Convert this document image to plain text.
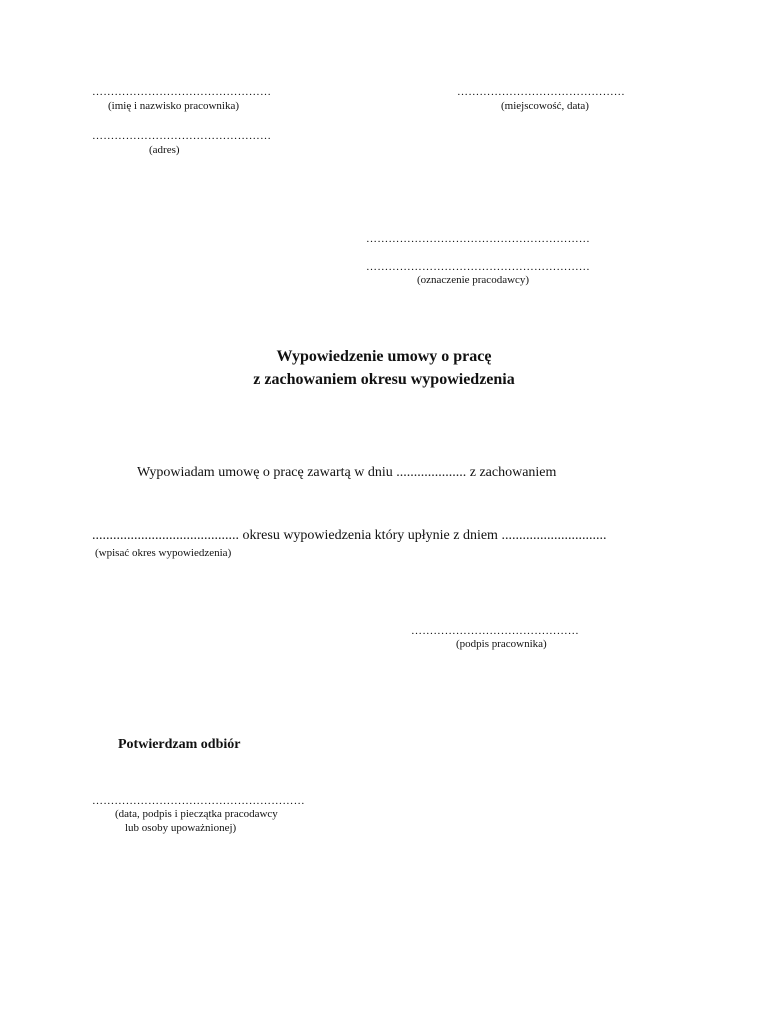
…………………………………………
(imię i nazwisko pracownika)
………………………………………
(miejscowość, data)
…………………………………………
(adres)
……………………………………………………
……………………………………………………
(oznaczenie pracodawcy)
Wypowiedzenie umowy o pracę
z zachowaniem okresu wypowiedzenia
Wypowiadam umowę o pracę zawartą w dniu .................... z zachowaniem
.......................................... okresu wypowiedzenia który upłynie z dniem ..............................
(wpisać okres wypowiedzenia)
………………………………………
(podpis pracownika)
Potwierdzam odbiór
…………………………………………………
(data, podpis i pieczątka pracodawcy
lub osoby upoważnionej)
